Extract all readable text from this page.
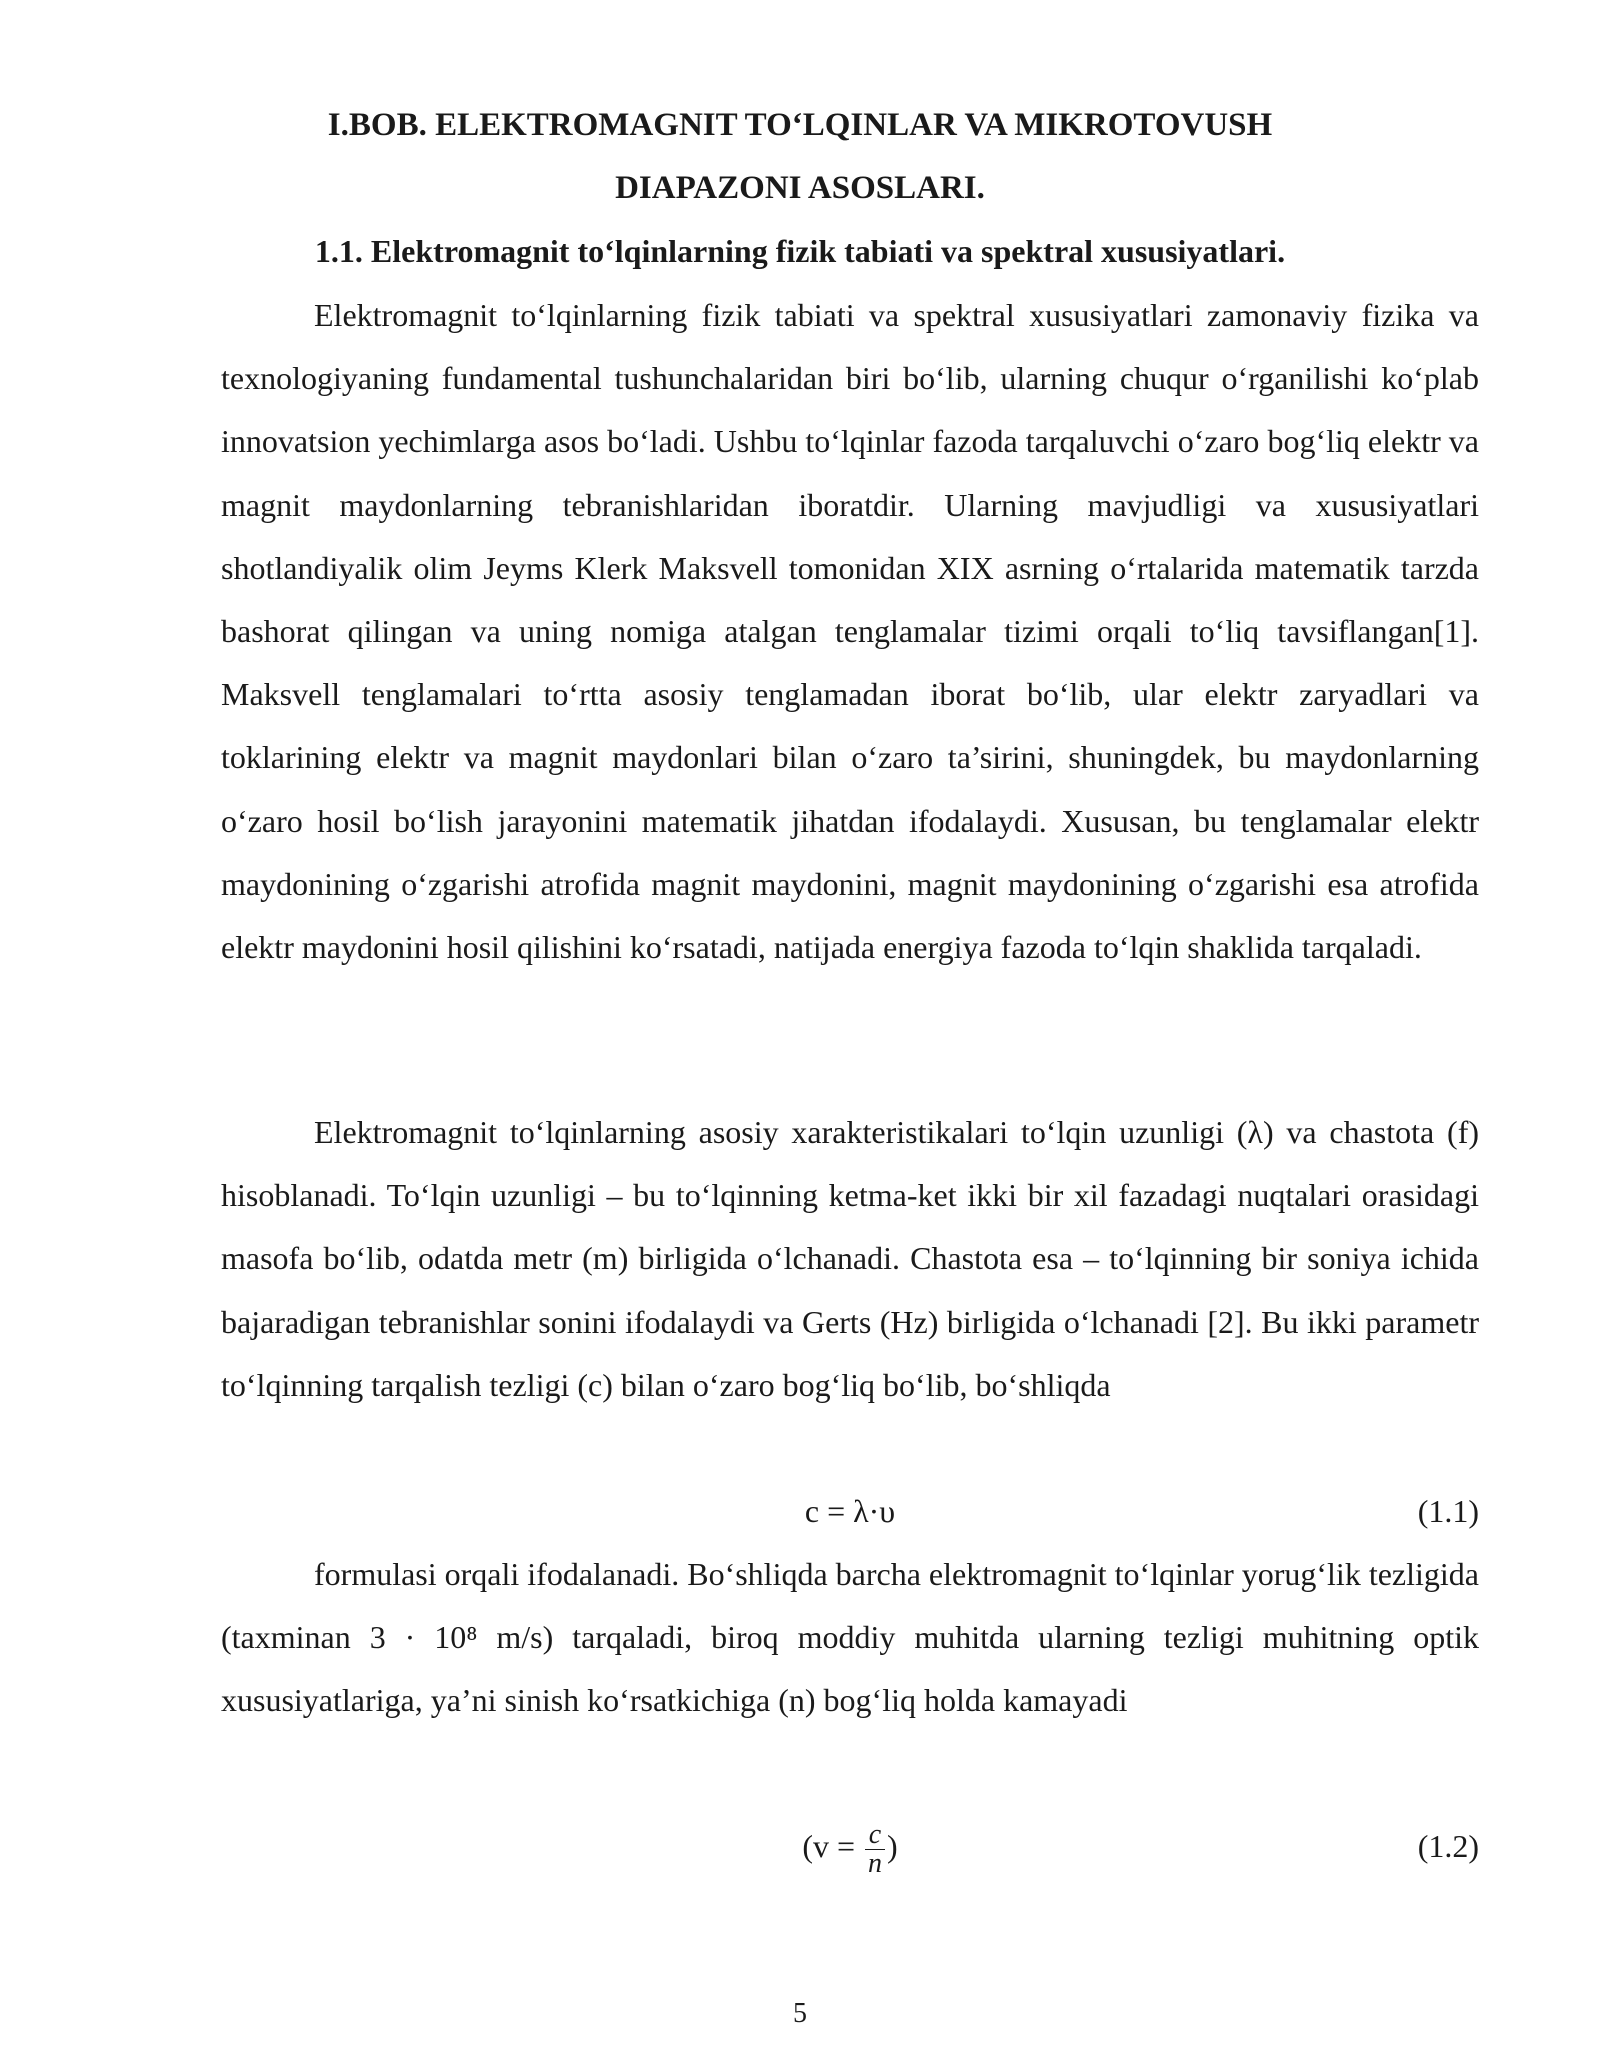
I.BOB. ELEKTROMAGNIT TO‘LQINLAR VA MIKROTOVUSH
DIAPAZONI ASOSLARI.
1.1. Elektromagnit to‘lqinlarning fizik tabiati va spektral xususiyatlari.

Elektromagnit to‘lqinlarning fizik tabiati va spektral xususiyatlari zamonaviy fizika va texnologiyaning fundamental tushunchalaridan biri bo‘lib, ularning chuqur o‘rganilishi ko‘plab innovatsion yechimlarga asos bo‘ladi. Ushbu to‘lqinlar fazoda tarqaluvchi o‘zaro bog‘liq elektr va magnit maydonlarning tebranishlaridan iboratdir. Ularning mavjudligi va xususiyatlari shotlandiyalik olim Jeyms Klerk Maksvell tomonidan XIX asrning o‘rtalarida matematik tarzda bashorat qilingan va uning nomiga atalgan tenglamalar tizimi orqali to‘liq tavsiflangan[1]. Maksvell tenglamalari to‘rtta asosiy tenglamadan iborat bo‘lib, ular elektr zaryadlari va toklarining elektr va magnit maydonlari bilan o‘zaro ta’sirini, shuningdek, bu maydonlarning o‘zaro hosil bo‘lish jarayonini matematik jihatdan ifodalaydi. Xususan, bu tenglamalar elektr maydonining o‘zgarishi atrofida magnit maydonini, magnit maydonining o‘zgarishi esa atrofida elektr maydonini hosil qilishini ko‘rsatadi, natijada energiya fazoda to‘lqin shaklida tarqaladi.

Elektromagnit to‘lqinlarning asosiy xarakteristikalari to‘lqin uzunligi (λ) va chastota (f) hisoblanadi. To‘lqin uzunligi – bu to‘lqinning ketma-ket ikki bir xil fazadagi nuqtalari orasidagi masofa bo‘lib, odatda metr (m) birligida o‘lchanadi. Chastota esa – to‘lqinning bir soniya ichida bajaradigan tebranishlar sonini ifodalaydi va Gerts (Hz) birligida o‘lchanadi [2]. Bu ikki parametr to‘lqinning tarqalish tezligi (c) bilan o‘zaro bog‘liq bo‘lib, bo‘shliqda

c = λ·υ	(1.1)

formulasi orqali ifodalanadi. Bo‘shliqda barcha elektromagnit to‘lqinlar yorug‘lik tezligida (taxminan 3 · 10⁸ m/s) tarqaladi, biroq moddiy muhitda ularning tezligi muhitning optik xususiyatlariga, ya’ni sinish ko‘rsatkichiga (n) bog‘liq holda kamayadi

($v = \frac{c}{n}$ )	(1.2)
5
